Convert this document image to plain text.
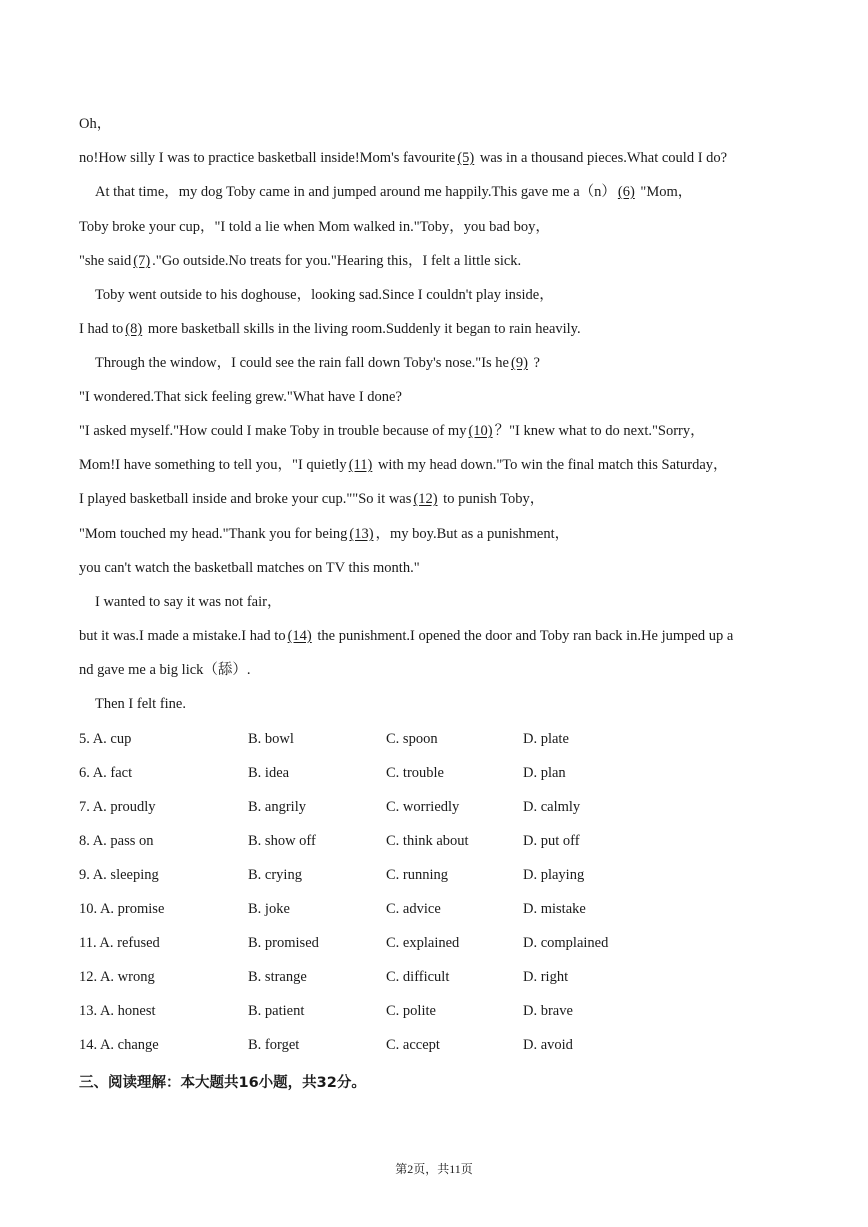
Oh，
no!How silly I was to practice basketball inside!Mom's favourite (5) was in a thousand pieces.What could I do?
At that time，my dog Toby came in and jumped around me happily.This gave me a（n） (6) "Mom，
Toby broke your cup，"I told a lie when Mom walked in."Toby，you bad boy，
"she said (7) ."Go outside.No treats for you."Hearing this，I felt a little sick.
Toby went outside to his doghouse，looking sad.Since I couldn't play inside，
I had to (8) more basketball skills in the living room.Suddenly it began to rain heavily.
Through the window，I could see the rain fall down Toby's nose."Is he (9) ?
"I wondered.That sick feeling grew."What have I done?
"I asked myself."How could I make Toby in trouble because of my (10) ？"I knew what to do next."Sorry，
Mom!I have something to tell you，"I quietly (11) with my head down."To win the final match this Saturday，
I played basketball inside and broke your cup.""So it was (12) to punish Toby，
"Mom touched my head."Thank you for being (13) ，my boy.But as a punishment，
you can't watch the basketball matches on TV this month."
I wanted to say it was not fair，
but it was.I made a mistake.I had to (14) the punishment.I opened the door and Toby ran back in.He jumped up a
nd gave me a big lick（舔）.
Then I felt fine.
5. A. cup	B. bowl	C. spoon	D. plate
6. A. fact	B. idea	C. trouble	D. plan
7. A. proudly	B. angrily	C. worriedly	D. calmly
8. A. pass on	B. show off	C. think about	D. put off
9. A. sleeping	B. crying	C. running	D. playing
10. A. promise	B. joke	C. advice	D. mistake
11. A. refused	B. promised	C. explained	D. complained
12. A. wrong	B. strange	C. difficult	D. right
13. A. honest	B. patient	C. polite	D. brave
14. A. change	B. forget	C. accept	D. avoid
三、阅读理解：本大题共16小题，共32分。
第2页，共11页
